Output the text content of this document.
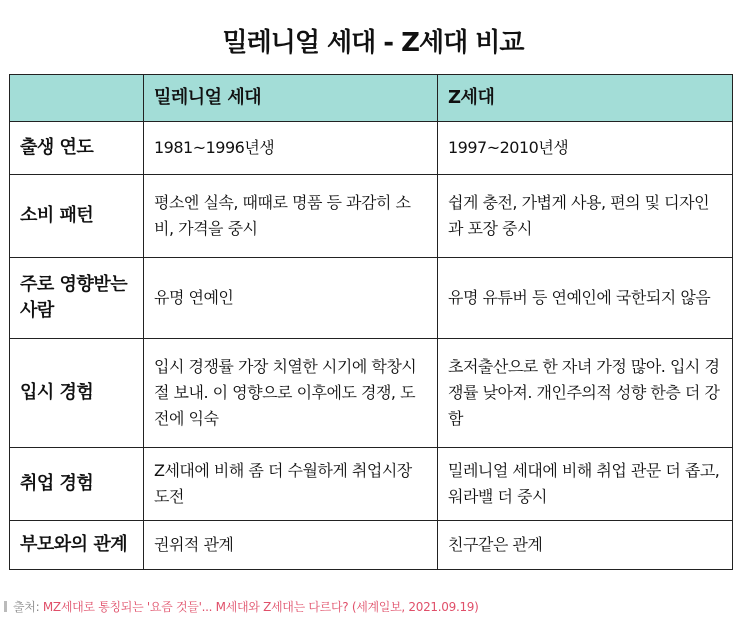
밀레니얼 세대 - Z세대 비교
	밀레니얼 세대	Z세대
출생 연도	1981~1996년생	1997~2010년생
소비 패턴	평소엔 실속, 때때로 명품 등 과감히 소비, 가격을 중시	쉽게 충전, 가볍게 사용, 편의 및 디자인과 포장 중시
주로 영향받는 사람	유명 연예인	유명 유튜버 등 연예인에 국한되지 않음
입시 경험	입시 경쟁률 가장 치열한 시기에 학창시절 보내. 이 영향으로 이후에도 경쟁, 도전에 익숙	초저출산으로 한 자녀 가정 많아. 입시 경쟁률 낮아져. 개인주의적 성향 한층 더 강함
취업 경험	Z세대에 비해 좀 더 수월하게 취업시장 도전	밀레니얼 세대에 비해 취업 관문 더 좁고, 워라밸 더 중시
부모와의 관계	권위적 관계	친구같은 관계
출처: MZ세대로 통칭되는 '요즘 것들'... M세대와 Z세대는 다르다? (세계일보, 2021.09.19)
